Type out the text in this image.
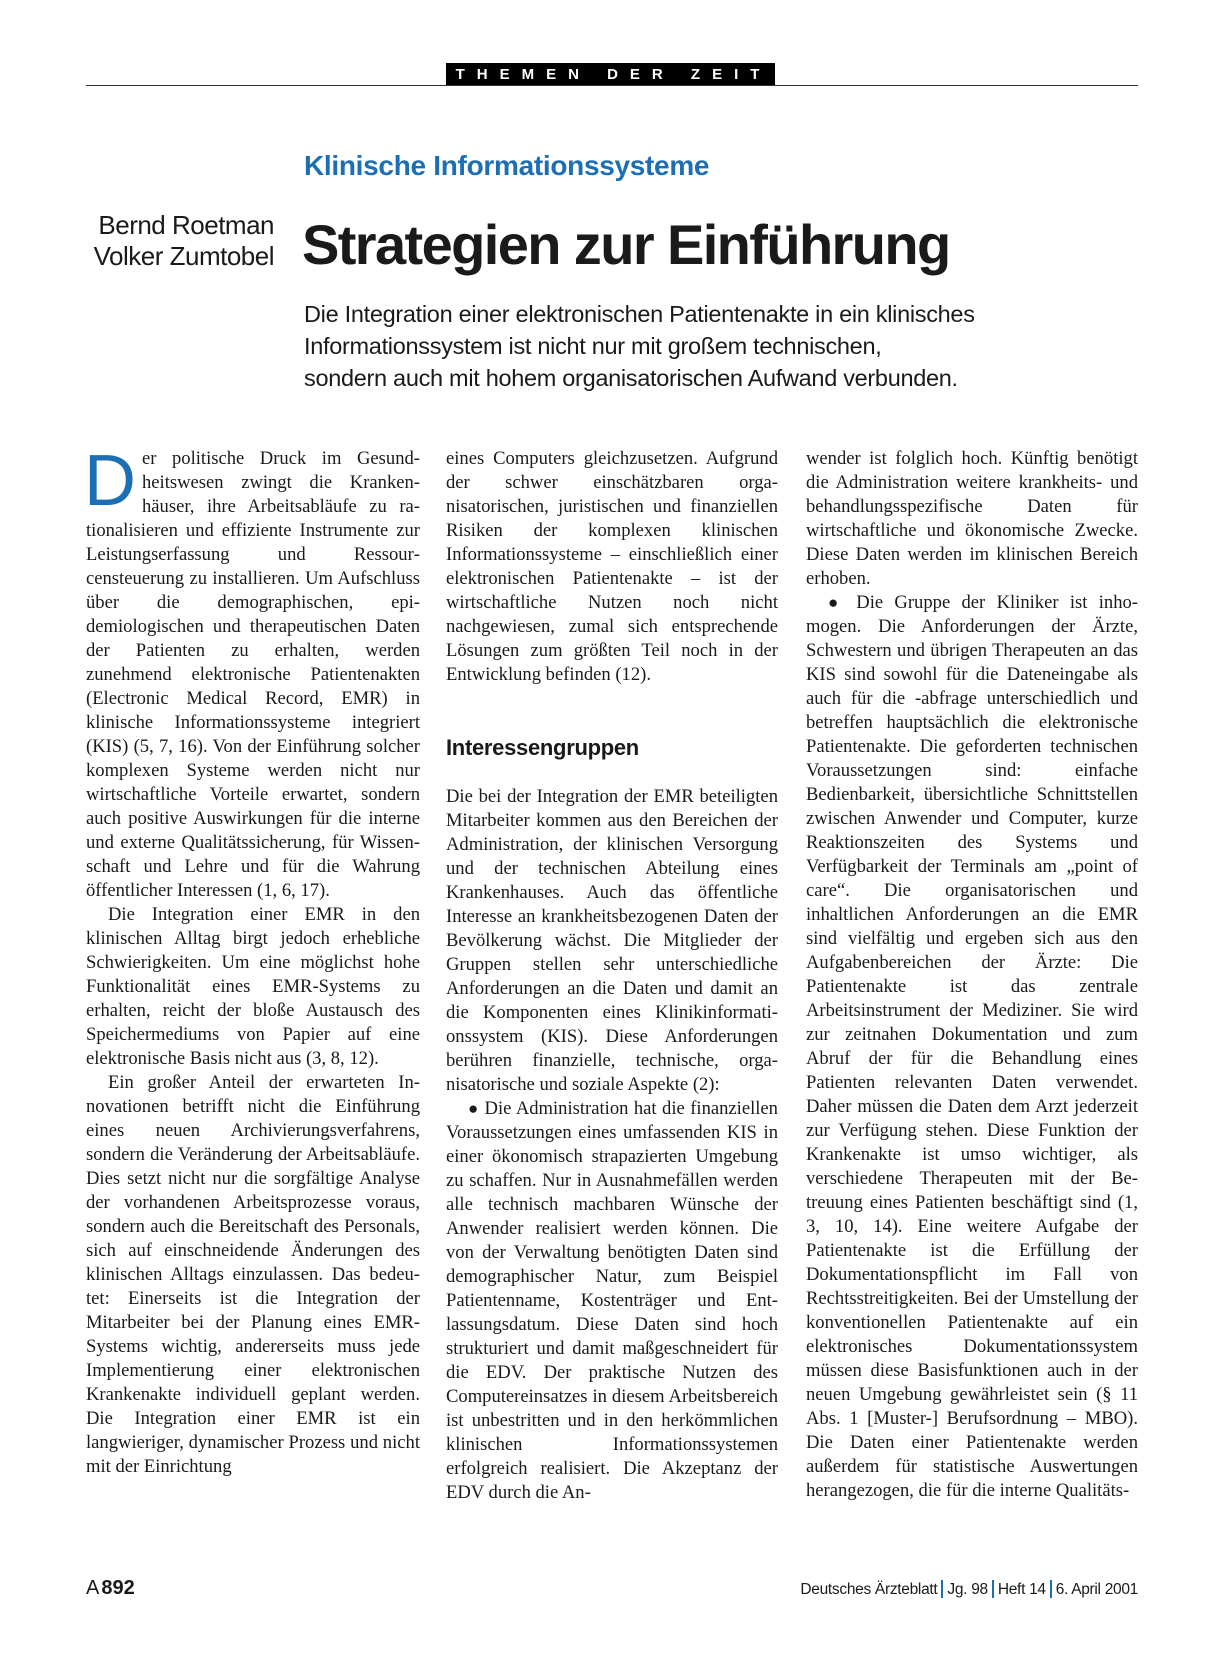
THEMEN DER ZEIT
Klinische Informationssysteme
Bernd Roetman
Volker Zumtobel Strategien zur Einführung
Die Integration einer elektronischen Patientenakte in ein klinisches
Informationssystem ist nicht nur mit großem technischen,
sondern auch mit hohem organisatorischen Aufwand verbunden.
D er politische Druck im Gesundheitswesen zwingt die Krankenhäuser, ihre Arbeitsabläufe zu rationalisieren und effiziente Instrumente zur Leistungserfassung und Ressourcensteuerung zu installieren. Um Aufschluss über die demographischen, epidemiologischen und therapeutischen Daten der Patienten zu erhalten, werden zunehmend elektronische Patientenakten (Electronic Medical Record, EMR) in klinische Informationssysteme integriert (KIS) (5, 7, 16). Von der Einführung solcher komplexen Systeme werden nicht nur wirtschaftliche Vorteile erwartet, sondern auch positive Auswirkungen für die interne und externe Qualitätssicherung, für Wissenschaft und Lehre und für die Wahrung öffentlicher Interessen (1, 6, 17).

Die Integration einer EMR in den klinischen Alltag birgt jedoch erhebliche Schwierigkeiten. Um eine möglichst hohe Funktionalität eines EMR-Systems zu erhalten, reicht der bloße Austausch des Speichermediums von Papier auf eine elektronische Basis nicht aus (3, 8, 12).

Ein großer Anteil der erwarteten Innovationen betrifft nicht die Einführung eines neuen Archivierungsverfahrens, sondern die Veränderung der Arbeitsabläufe. Dies setzt nicht nur die sorgfältige Analyse der vorhandenen Arbeitsprozesse voraus, sondern auch die Bereitschaft des Personals, sich auf einschneidende Änderungen des klinischen Alltags einzulassen. Das bedeutet: Einerseits ist die Integration der Mitarbeiter bei der Planung eines EMR-Systems wichtig, andererseits muss jede Implementierung einer elektronischen Krankenakte individuell geplant werden. Die Integration einer EMR ist ein langwieriger, dynamischer Prozess und nicht mit der Einrichtung

eines Computers gleichzusetzen. Aufgrund der schwer einschätzbaren organisatorischen, juristischen und finanziellen Risiken der komplexen klinischen Informationssysteme – einschließlich einer elektronischen Patientenakte – ist der wirtschaftliche Nutzen noch nicht nachgewiesen, zumal sich entsprechende Lösungen zum größten Teil noch in der Entwicklung befinden (12).

Interessengruppen

Die bei der Integration der EMR beteiligten Mitarbeiter kommen aus den Bereichen der Administration, der klinischen Versorgung und der technischen Abteilung eines Krankenhauses. Auch das öffentliche Interesse an krankheitsbezogenen Daten der Bevölkerung wächst. Die Mitglieder der Gruppen stellen sehr unterschiedliche Anforderungen an die Daten und damit an die Komponenten eines Klinikinformationssystem (KIS). Diese Anforderungen berühren finanzielle, technische, organisatorische und soziale Aspekte (2):

● Die Administration hat die finanziellen Voraussetzungen eines umfassenden KIS in einer ökonomisch strapazierten Umgebung zu schaffen. Nur in Ausnahmefällen werden alle technisch machbaren Wünsche der Anwender realisiert werden können. Die von der Verwaltung benötigten Daten sind demographischer Natur, zum Beispiel Patientenname, Kostenträger und Entlassungsdatum. Diese Daten sind hoch strukturiert und damit maßgeschneidert für die EDV. Der praktische Nutzen des Computereinsatzes in diesem Arbeitsbereich ist unbestritten und in den herkömmlichen klinischen Informationssystemen erfolgreich realisiert. Die Akzeptanz der EDV durch die An-

wender ist folglich hoch. Künftig benötigt die Administration weitere krankheits- und behandlungsspezifische Daten für wirtschaftliche und ökonomische Zwecke. Diese Daten werden im klinischen Bereich erhoben.

● Die Gruppe der Kliniker ist inhomogen. Die Anforderungen der Ärzte, Schwestern und übrigen Therapeuten an das KIS sind sowohl für die Dateneingabe als auch für die -abfrage unterschiedlich und betreffen hauptsächlich die elektronische Patientenakte. Die geforderten technischen Voraussetzungen sind: einfache Bedienbarkeit, übersichtliche Schnittstellen zwischen Anwender und Computer, kurze Reaktionszeiten des Systems und Verfügbarkeit der Terminals am „point of care“. Die organisatorischen und inhaltlichen Anforderungen an die EMR sind vielfältig und ergeben sich aus den Aufgabenbereichen der Ärzte: Die Patientenakte ist das zentrale Arbeitsinstrument der Mediziner. Sie wird zur zeitnahen Dokumentation und zum Abruf der für die Behandlung eines Patienten relevanten Daten verwendet. Daher müssen die Daten dem Arzt jederzeit zur Verfügung stehen. Diese Funktion der Krankenakte ist umso wichtiger, als verschiedene Therapeuten mit der Betreuung eines Patienten beschäftigt sind (1, 3, 10, 14). Eine weitere Aufgabe der Patientenakte ist die Erfüllung der Dokumentationspflicht im Fall von Rechtsstreitigkeiten. Bei der Umstellung der konventionellen Patientenakte auf ein elektronisches Dokumentationssystem müssen diese Basisfunktionen auch in der neuen Umgebung gewährleistet sein (§ 11 Abs. 1 [Muster-] Berufsordnung – MBO). Die Daten einer Patientenakte werden außerdem für statistische Auswertungen herangezogen, die für die interne Qualitäts-

A 892	Deutsches Ärzteblatt Jg. 98 Heft 14 6. April 2001
